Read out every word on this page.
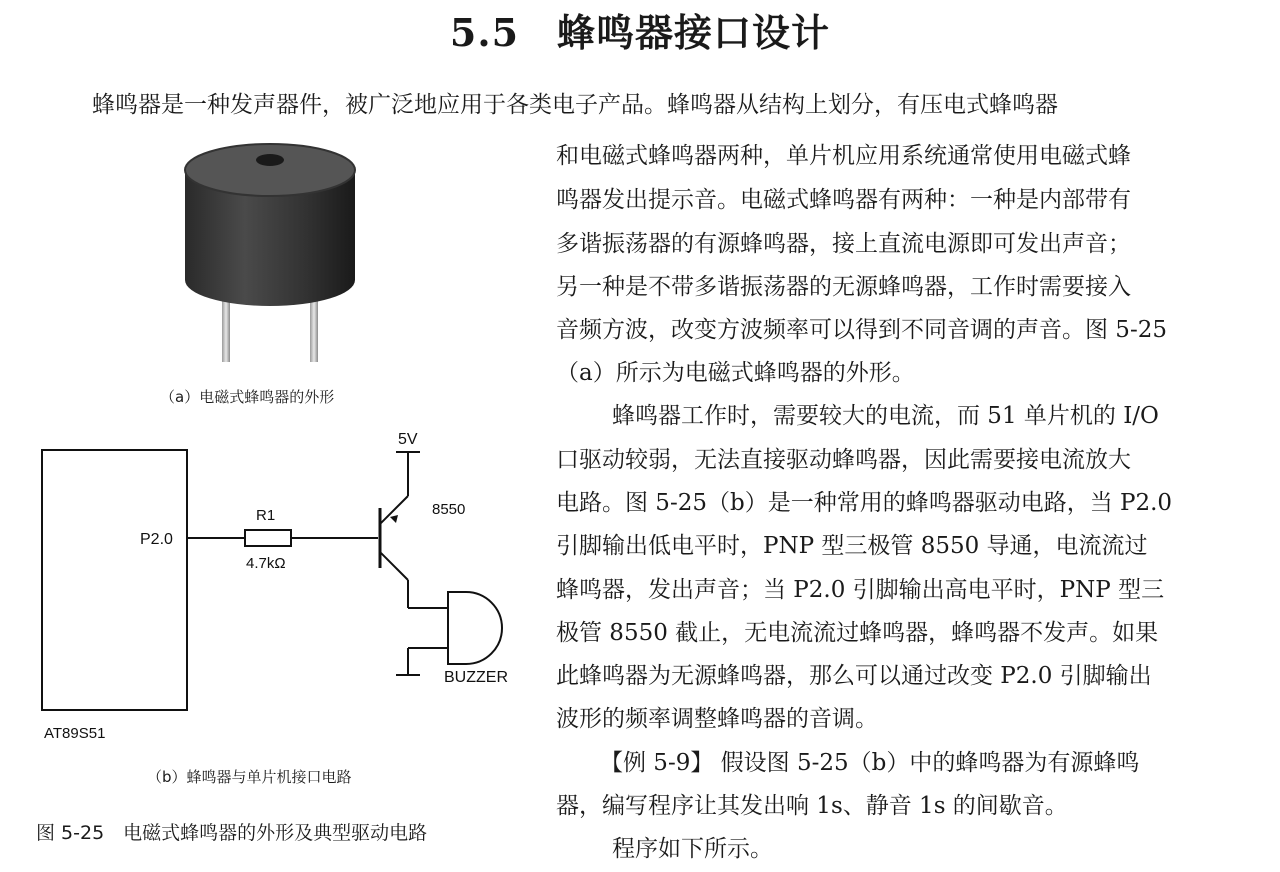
5.5 蜂鸣器接口设计
蜂鸣器是一种发声器件，被广泛地应用于各类电子产品。蜂鸣器从结构上划分，有压电式蜂鸣器
和电磁式蜂鸣器两种，单片机应用系统通常使用电磁式蜂
鸣器发出提示音。电磁式蜂鸣器有两种：一种是内部带有
多谐振荡器的有源蜂鸣器，接上直流电源即可发出声音；
另一种是不带多谐振荡器的无源蜂鸣器，工作时需要接入
音频方波，改变方波频率可以得到不同音调的声音。图 5-25
（a）所示为电磁式蜂鸣器的外形。
蜂鸣器工作时，需要较大的电流，而 51 单片机的 I/O
口驱动较弱，无法直接驱动蜂鸣器，因此需要接电流放大
电路。图 5-25（b）是一种常用的蜂鸣器驱动电路，当 P2.0
引脚输出低电平时，PNP 型三极管 8550 导通，电流流过
蜂鸣器，发出声音；当 P2.0 引脚输出高电平时，PNP 型三
极管 8550 截止，无电流流过蜂鸣器，蜂鸣器不发声。如果
此蜂鸣器为无源蜂鸣器，那么可以通过改变 P2.0 引脚输出
波形的频率调整蜂鸣器的音调。
【例 5-9】 假设图 5-25（b）中的蜂鸣器为有源蜂鸣
器，编写程序让其发出响 1s、静音 1s 的间歇音。
程序如下所示。
（a）电磁式蜂鸣器的外形
P2.0
R1
4.7kΩ
5V
8550
BUZZER
AT89S51
（b）蜂鸣器与单片机接口电路
图 5-25　电磁式蜂鸣器的外形及典型驱动电路
